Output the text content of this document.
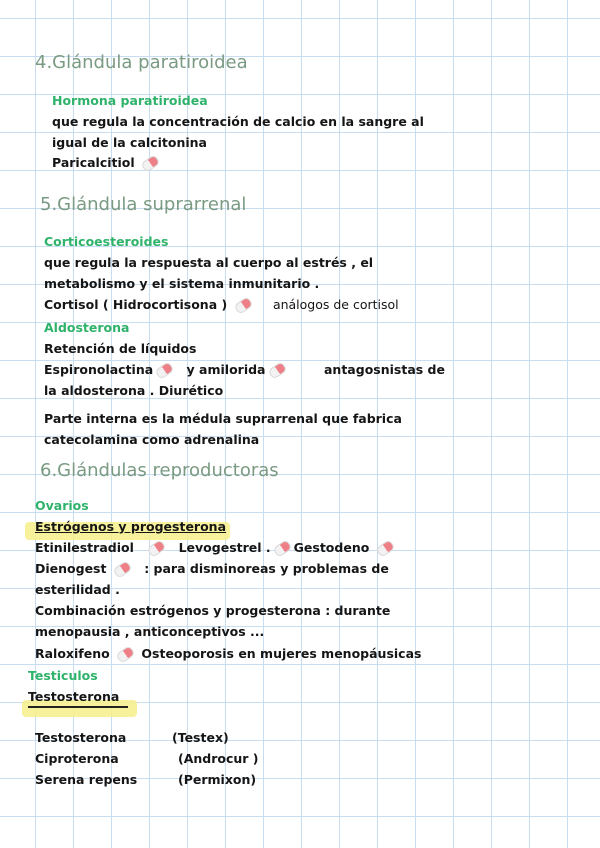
4.Glándula paratiroidea
Hormona paratiroidea
que regula la concentración de calcio en la sangre al
igual de la calcitonina
Paricalcitiol
5.Glándula suprarrenal
Corticoesteroides
que regula la respuesta al cuerpo al estrés , el
metabolismo y el sistema inmunitario .
Cortisol ( Hidrocortisona )	análogos de cortisol
Aldosterona
Retención de líquidos
Espironolactina	y amilorida	antagosnistas de
la aldosterona . Diurético
Parte interna es la médula suprarrenal que fabrica
catecolamina como adrenalina
6.Glándulas reproductoras
Ovarios
Estrógenos y progesterona
Etinilestradiol	Levogestrel . Gestodeno
Dienogest	: para disminoreas y problemas de
esterilidad .
Combinación estrógenos y progesterona : durante
menopausia , anticonceptivos ...
Raloxifeno	Osteoporosis en mujeres menopáusicas
Testiculos
Testosterona
Testosterona	(Testex)
Ciproterona	(Androcur )
Serena repens	(Permixon)
